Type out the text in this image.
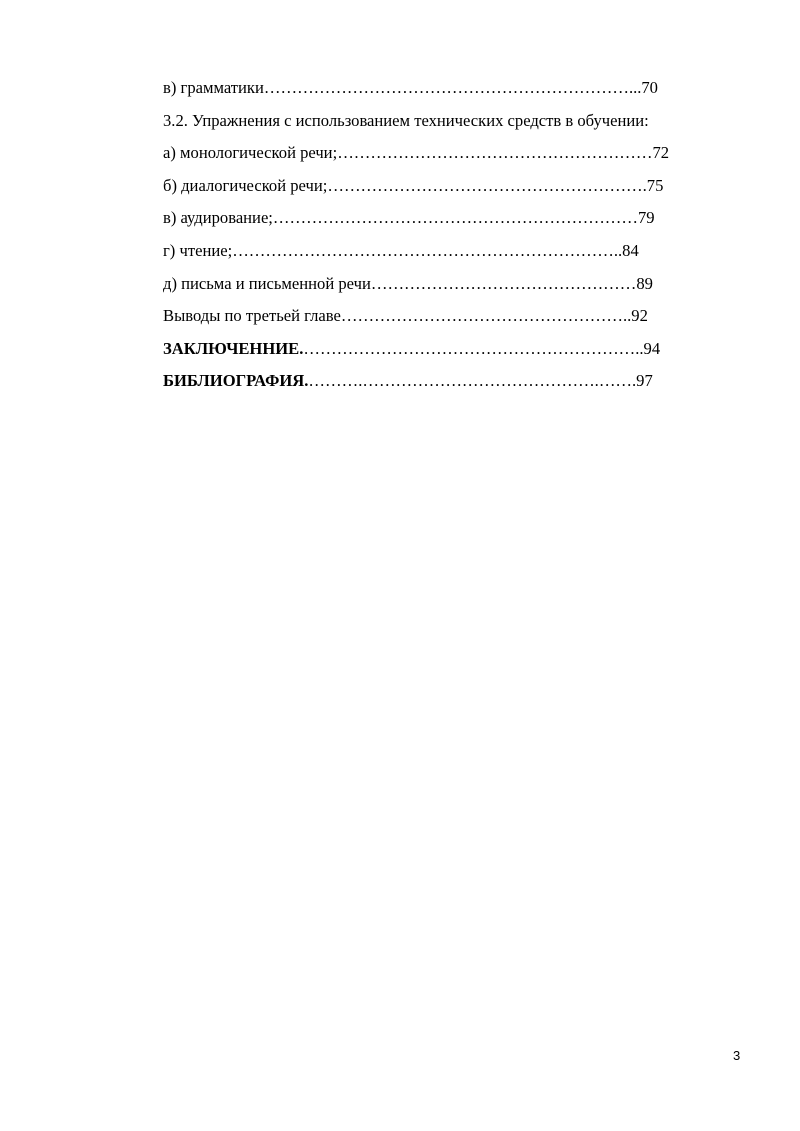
в) грамматики…………………………………………………………...70
3.2. Упражнения с использованием технических средств в обучении:
а) монологической речи;…………………………………………………72
б) диалогической речи;………………………………………………….75
в) аудирование;…………………………………………………………79
г) чтение;……………………………………………………………..84
д) письма и письменной речи…………………………………………89
Выводы по третьей главе……………………………………………..92
ЗАКЛЮЧЕННИЕ.……………………………………………………..94
БИБЛИОГРАФИЯ.……….…………………………………….…….97
3
